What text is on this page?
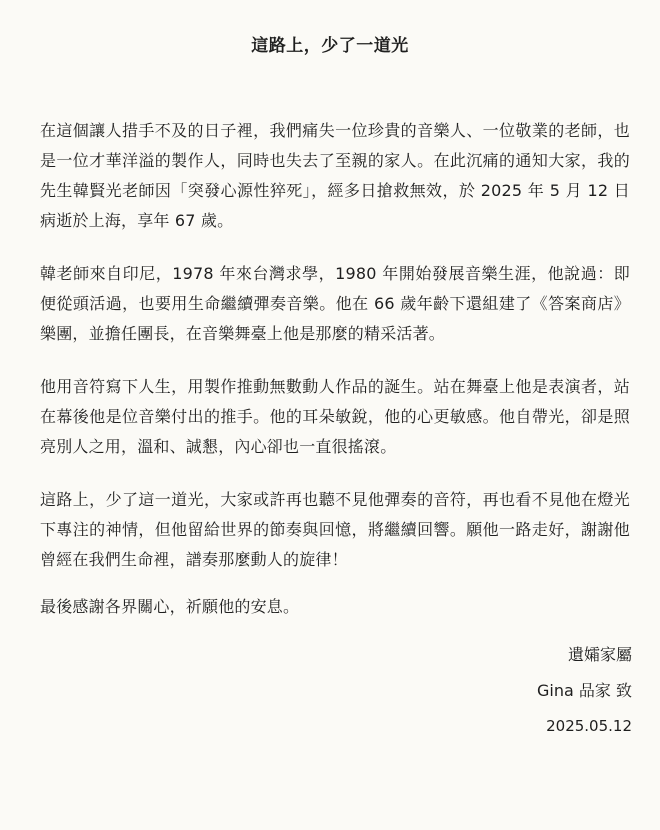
這路上，少了一道光

在這個讓人措手不及的日子裡，我們痛失一位珍貴的音樂人、一位敬業的老師，也是一位才華洋溢的製作人，同時也失去了至親的家人。在此沉痛的通知大家，我的先生韓賢光老師因「突發心源性猝死」，經多日搶救無效，於 2025 年 5 月 12 日病逝於上海，享年 67 歲。

韓老師來自印尼，1978 年來台灣求學，1980 年開始發展音樂生涯，他說過：即便從頭活過，也要用生命繼續彈奏音樂。他在 66 歲年齡下還組建了《答案商店》樂團，並擔任團長，在音樂舞臺上他是那麼的精采活著。

他用音符寫下人生，用製作推動無數動人作品的誕生。站在舞臺上他是表演者，站在幕後他是位音樂付出的推手。他的耳朵敏銳，他的心更敏感。他自帶光，卻是照亮別人之用，溫和、誠懇，內心卻也一直很搖滾。

這路上，少了這一道光，大家或許再也聽不見他彈奏的音符，再也看不見他在燈光下專注的神情，但他留給世界的節奏與回憶，將繼續回響。願他一路走好，謝謝他曾經在我們生命裡，譜奏那麼動人的旋律！

最後感謝各界關心，祈願他的安息。
遺孀家屬
Gina 品家 致
2025.05.12
